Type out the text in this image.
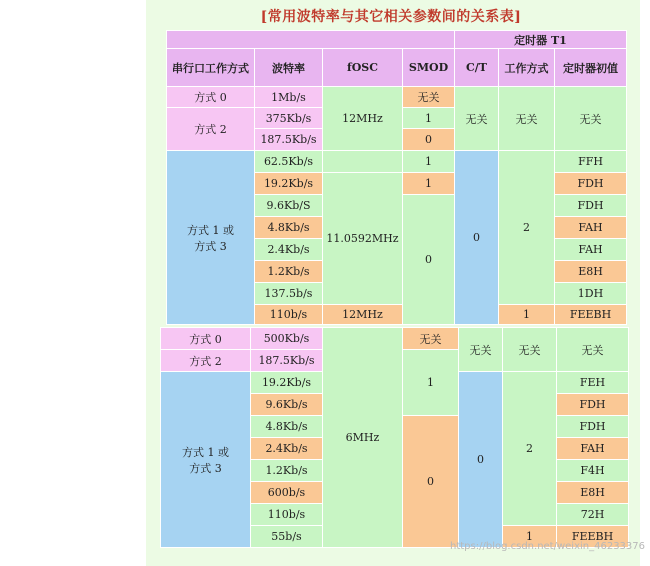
[常用波特率与其它相关参数间的关系表]
				定时器 T1		
串行口工作方式	波特率	fOSC	SMOD	C/T	工作方式	定时器初值
方式 0	1Mb/s	12MHz	无关	无关	无关	无关
方式 2	375Kb/s		1			
	187.5Kb/s		0			
方式 1 或 方式 3	62.5Kb/s		1	0	2	FFH
	19.2Kb/s	11.0592MHz	1			FDH
	9.6Kb/S		0			FDH
	4.8Kb/s					FAH
	2.4Kb/s					FAH
	1.2Kb/s					E8H
	137.5b/s					1DH
	110b/s	12MHz			1	FEEBH
方式 0	500Kb/s	6MHz	无关	无关	无关	无关
方式 2	187.5Kb/s		1			
方式 1 或 方式 3	19.2Kb/s			0	2	FEH
	9.6Kb/s					FDH
	4.8Kb/s		0			FDH
	2.4Kb/s					FAH
	1.2Kb/s					F4H
	600b/s					E8H
	110b/s					72H
	55b/s				1	FEEBH
https://blog.csdn.net/weixin_46233376
